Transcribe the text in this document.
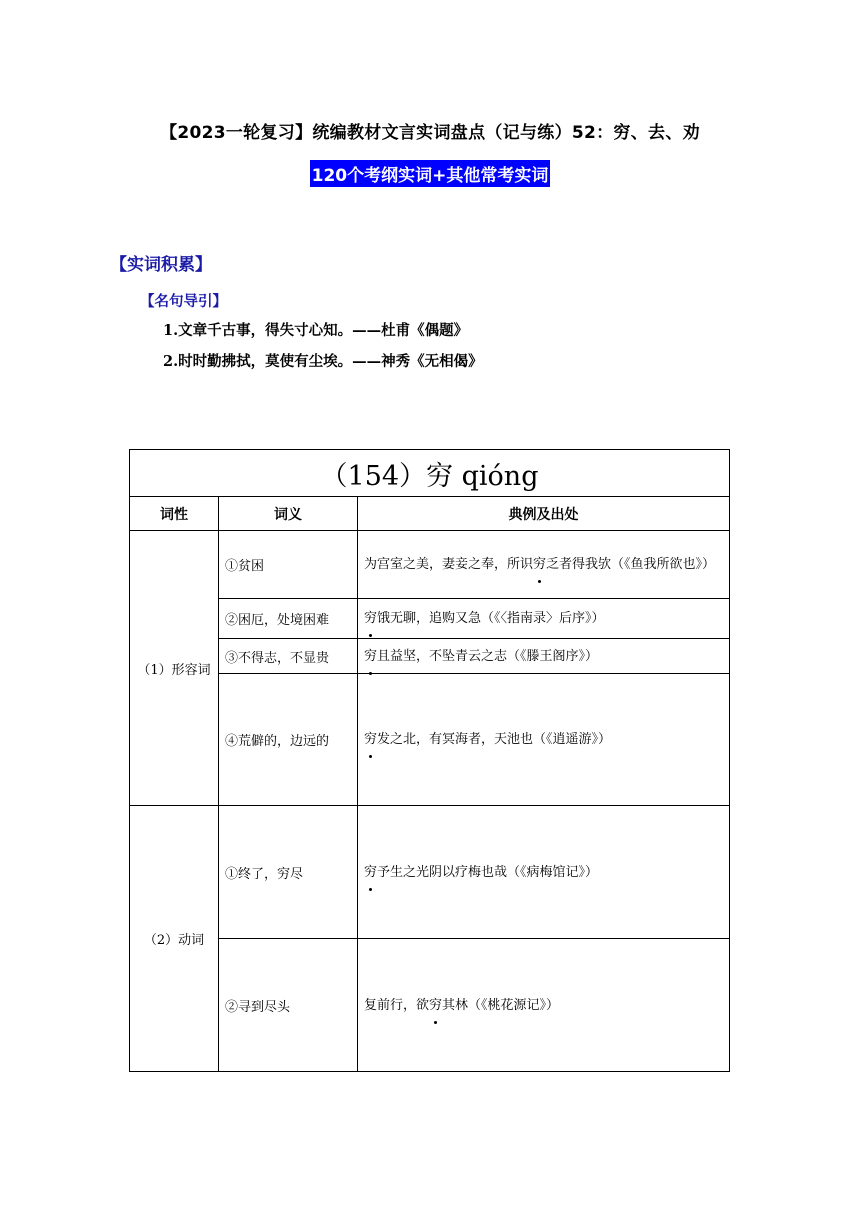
【2023一轮复习】统编教材文言实词盘点（记与练）52：穷、去、劝
120个考纲实词+其他常考实词
【实词积累】
【名句导引】
1.文章千古事，得失寸心知。——杜甫《偶题》
2.时时勤拂拭，莫使有尘埃。——神秀《无相偈》
（154）穷 qióng		
词性	词义	典例及出处
（1）形容词	①贫困	为宫室之美，妻妾之奉，所识穷乏者得我欤（《鱼我所欲也》）
	②困厄，处境困难	穷饿无聊，追购又急（《〈指南录〉后序》）
	③不得志，不显贵	穷且益坚，不坠青云之志（《滕王阁序》）
	④荒僻的，边远的	穷发之北，有冥海者，天池也（《逍遥游》）
（2）动词	①终了，穷尽	穷予生之光阴以疗梅也哉（《病梅馆记》）
	②寻到尽头	复前行，欲穷其林（《桃花源记》）
